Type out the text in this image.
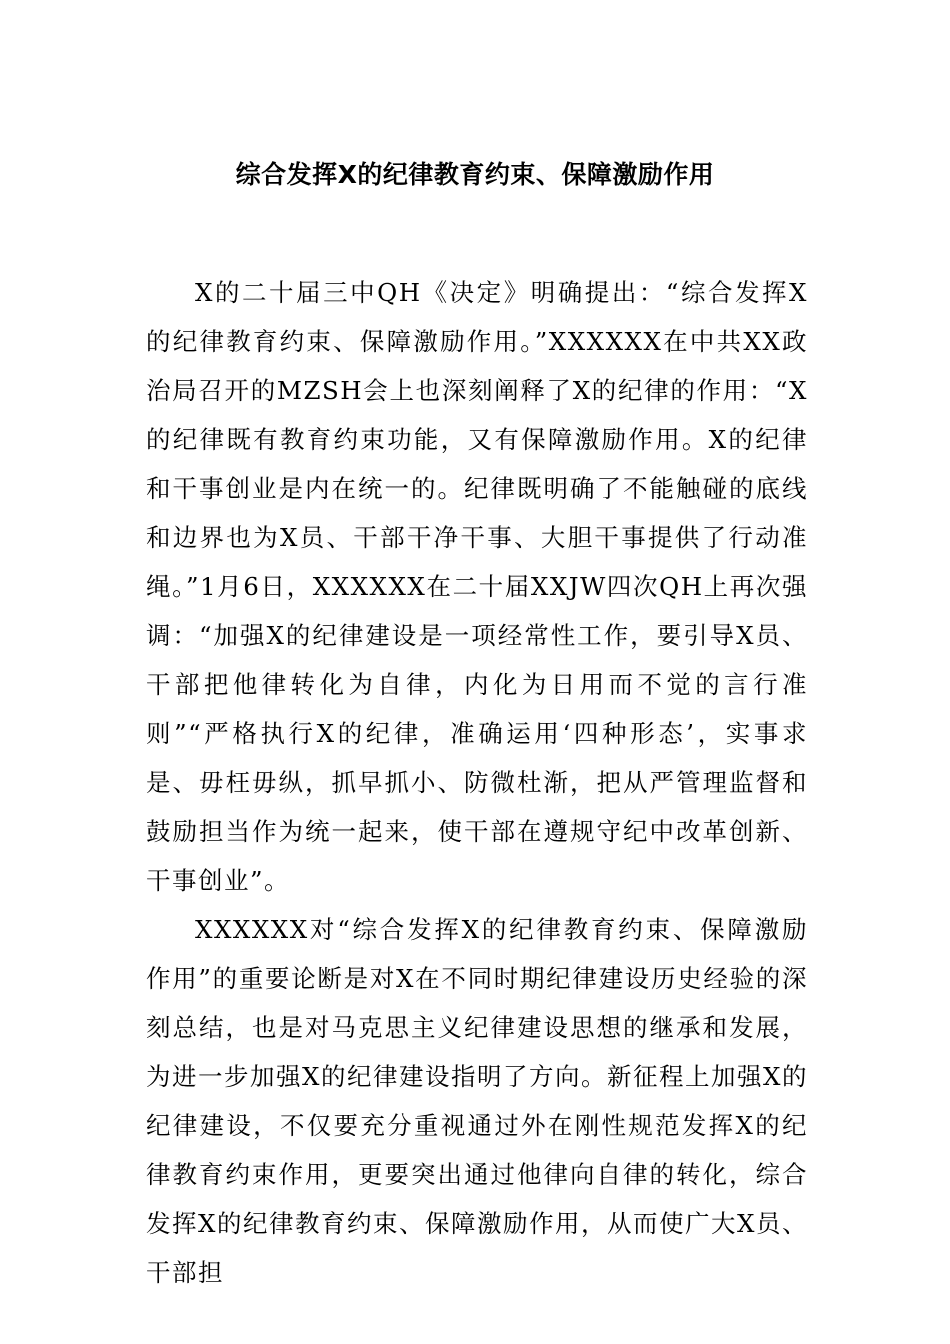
综合发挥X的纪律教育约束、保障激励作用

X的二十届三中QH《决定》明确提出：“综合发挥X的纪律教育约束、保障激励作用。”XXXXXX在中共XX政治局召开的MZSH会上也深刻阐释了X的纪律的作用：“X的纪律既有教育约束功能，又有保障激励作用。X的纪律和干事创业是内在统一的。纪律既明确了不能触碰的底线和边界也为X员、干部干净干事、大胆干事提供了行动准绳。”1月6日，XXXXXX在二十届XXJW四次QH上再次强调：“加强X的纪律建设是一项经常性工作，要引导X员、干部把他律转化为自律，内化为日用而不觉的言行准则”“严格执行X的纪律，准确运用‘四种形态’，实事求是、毋枉毋纵，抓早抓小、防微杜渐，把从严管理监督和鼓励担当作为统一起来，使干部在遵规守纪中改革创新、干事创业”。

XXXXXX对“综合发挥X的纪律教育约束、保障激励作用”的重要论断是对X在不同时期纪律建设历史经验的深刻总结，也是对马克思主义纪律建设思想的继承和发展，为进一步加强X的纪律建设指明了方向。新征程上加强X的纪律建设，不仅要充分重视通过外在刚性规范发挥X的纪律教育约束作用，更要突出通过他律向自律的转化，综合发挥X的纪律教育约束、保障激励作用，从而使广大X员、干部担
